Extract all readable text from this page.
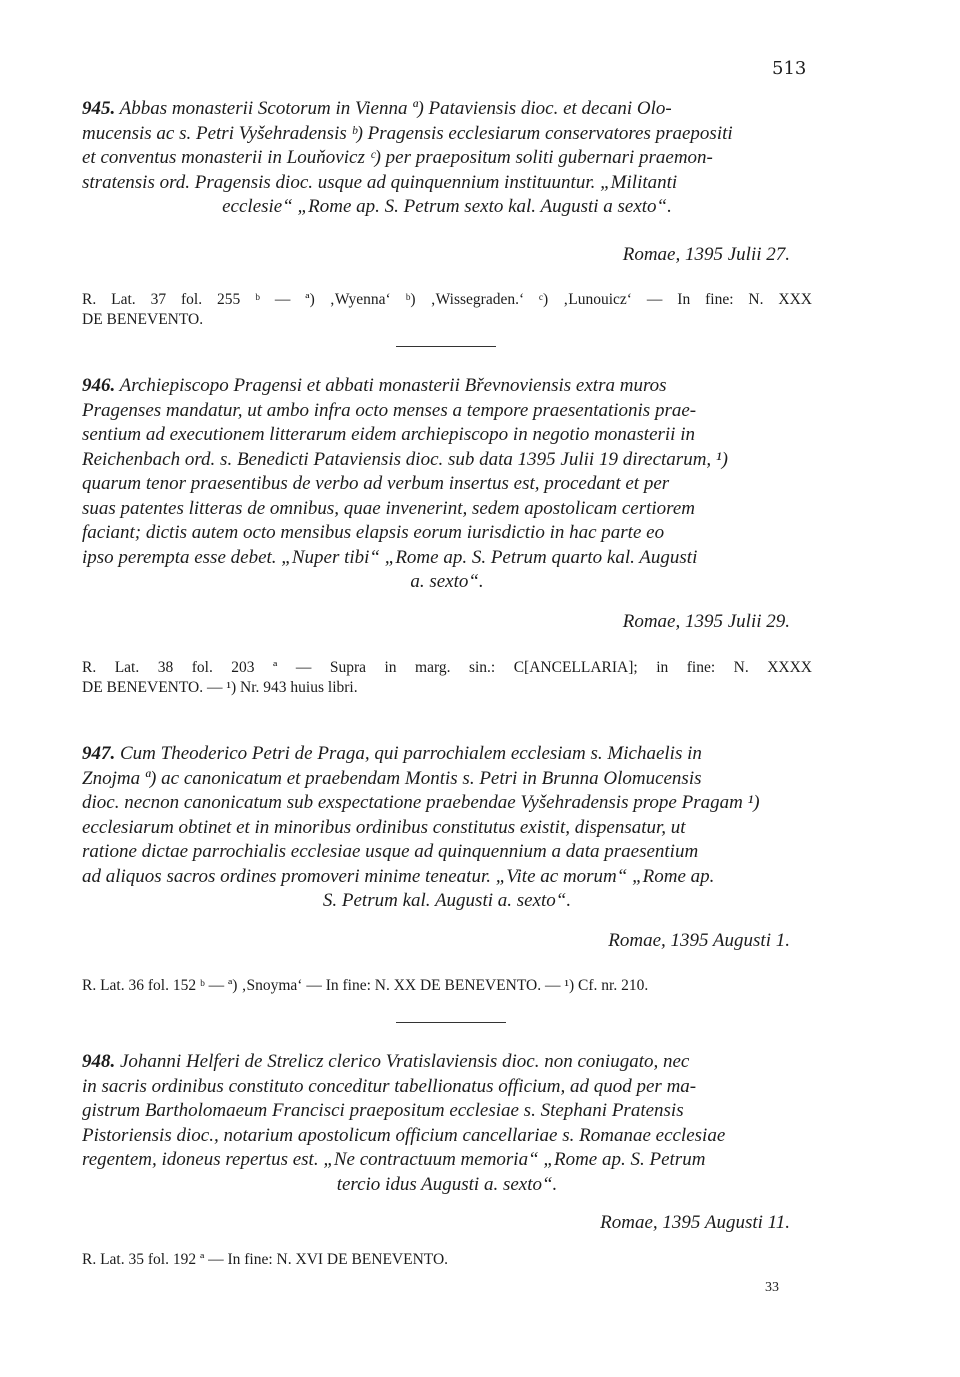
513
945. Abbas monasterii Scotorum in Vienna ª) Pataviensis dioc. et decani Olo-
mucensis ac s. Petri Vyšehradensis ᵇ) Pragensis ecclesiarum conservatores praepositi
et conventus monasterii in Louňovicz ᶜ) per praepositum soliti gubernari praemon-
stratensis ord. Pragensis dioc. usque ad quinquennium instituuntur. „Militanti
ecclesie“ „Rome ap. S. Petrum sexto kal. Augusti a sexto“.
Romae, 1395 Julii 27.
R. Lat. 37 fol. 255 ᵇ — ª) ‚Wyenna‘ ᵇ) ‚Wissegraden.‘ ᶜ) ‚Lunouicz‘ — In fine: N. XXX
DE BENEVENTO.
946. Archiepiscopo Pragensi et abbati monasterii Břevnoviensis extra muros
Pragenses mandatur, ut ambo infra octo menses a tempore praesentationis prae-
sentium ad executionem litterarum eidem archiepiscopo in negotio monasterii in
Reichenbach ord. s. Benedicti Pataviensis dioc. sub data 1395 Julii 19 directarum, ¹)
quarum tenor praesentibus de verbo ad verbum insertus est, procedant et per
suas patentes litteras de omnibus, quae invenerint, sedem apostolicam certiorem
faciant; dictis autem octo mensibus elapsis eorum iurisdictio in hac parte eo
ipso perempta esse debet. „Nuper tibi“ „Rome ap. S. Petrum quarto kal. Augusti
a. sexto“.
Romae, 1395 Julii 29.
R. Lat. 38 fol. 203 ª — Supra in marg. sin.: C[ANCELLARIA]; in fine: N. XXXX
DE BENEVENTO. — ¹) Nr. 943 huius libri.
947. Cum Theoderico Petri de Praga, qui parrochialem ecclesiam s. Michaelis in
Znojma ª) ac canonicatum et praebendam Montis s. Petri in Brunna Olomucensis
dioc. necnon canonicatum sub exspectatione praebendae Vyšehradensis prope Pragam ¹)
ecclesiarum obtinet et in minoribus ordinibus constitutus existit, dispensatur, ut
ratione dictae parrochialis ecclesiae usque ad quinquennium a data praesentium
ad aliquos sacros ordines promoveri minime teneatur. „Vite ac morum“ „Rome ap.
S. Petrum kal. Augusti a. sexto“.
Romae, 1395 Augusti 1.
R. Lat. 36 fol. 152 ᵇ — ª) ‚Snoyma‘ — In fine: N. XX DE BENEVENTO. — ¹) Cf. nr. 210.
948. Johanni Helferi de Strelicz clerico Vratislaviensis dioc. non coniugato, nec
in sacris ordinibus constituto conceditur tabellionatus officium, ad quod per ma-
gistrum Bartholomaeum Francisci praepositum ecclesiae s. Stephani Pratensis
Pistoriensis dioc., notarium apostolicum officium cancellariae s. Romanae ecclesiae
regentem, idoneus repertus est. „Ne contractuum memoria“ „Rome ap. S. Petrum
tercio idus Augusti a. sexto“.
Romae, 1395 Augusti 11.
R. Lat. 35 fol. 192 ª — In fine: N. XVI DE BENEVENTO.
33
